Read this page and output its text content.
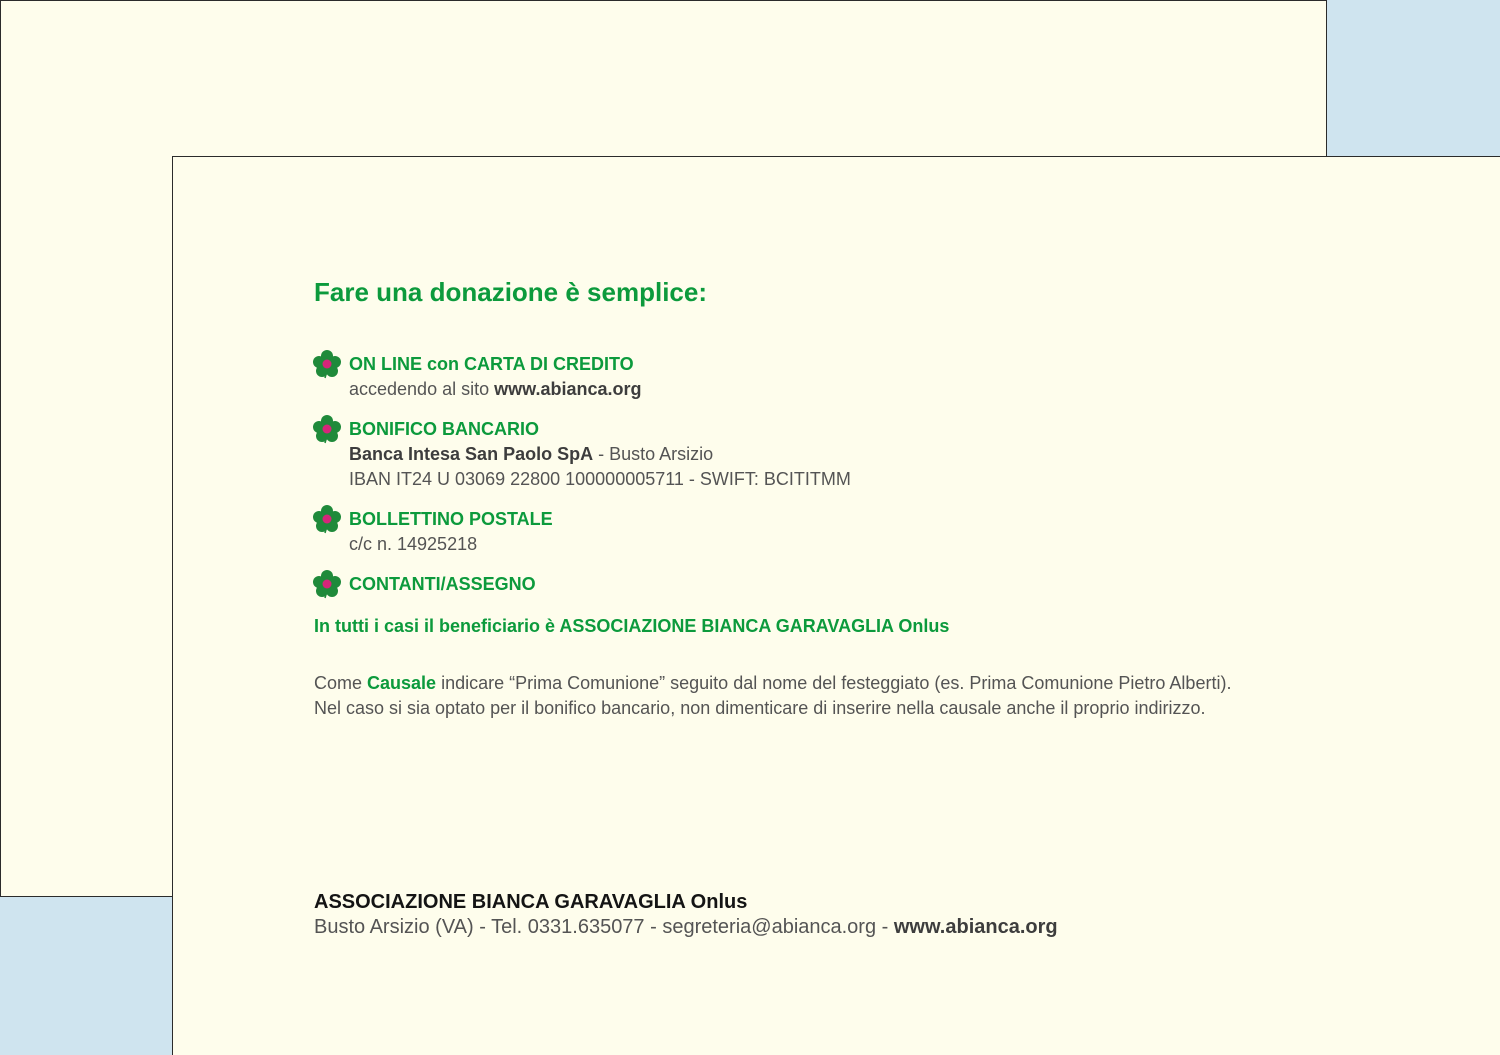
Fare una donazione è semplice:
ON LINE con CARTA DI CREDITO
accedendo al sito www.abianca.org
BONIFICO BANCARIO
Banca Intesa San Paolo SpA - Busto Arsizio
IBAN IT24 U 03069 22800 100000005711 - SWIFT: BCITITMM
BOLLETTINO POSTALE
c/c n. 14925218
CONTANTI/ASSEGNO
In tutti i casi il beneficiario è ASSOCIAZIONE BIANCA GARAVAGLIA Onlus
Come Causale indicare “Prima Comunione” seguito dal nome del festeggiato (es. Prima Comunione Pietro Alberti).
Nel caso si sia optato per il bonifico bancario, non dimenticare di inserire nella causale anche il proprio indirizzo.
ASSOCIAZIONE BIANCA GARAVAGLIA Onlus
Busto Arsizio (VA) - Tel. 0331.635077 - segreteria@abianca.org - www.abianca.org
